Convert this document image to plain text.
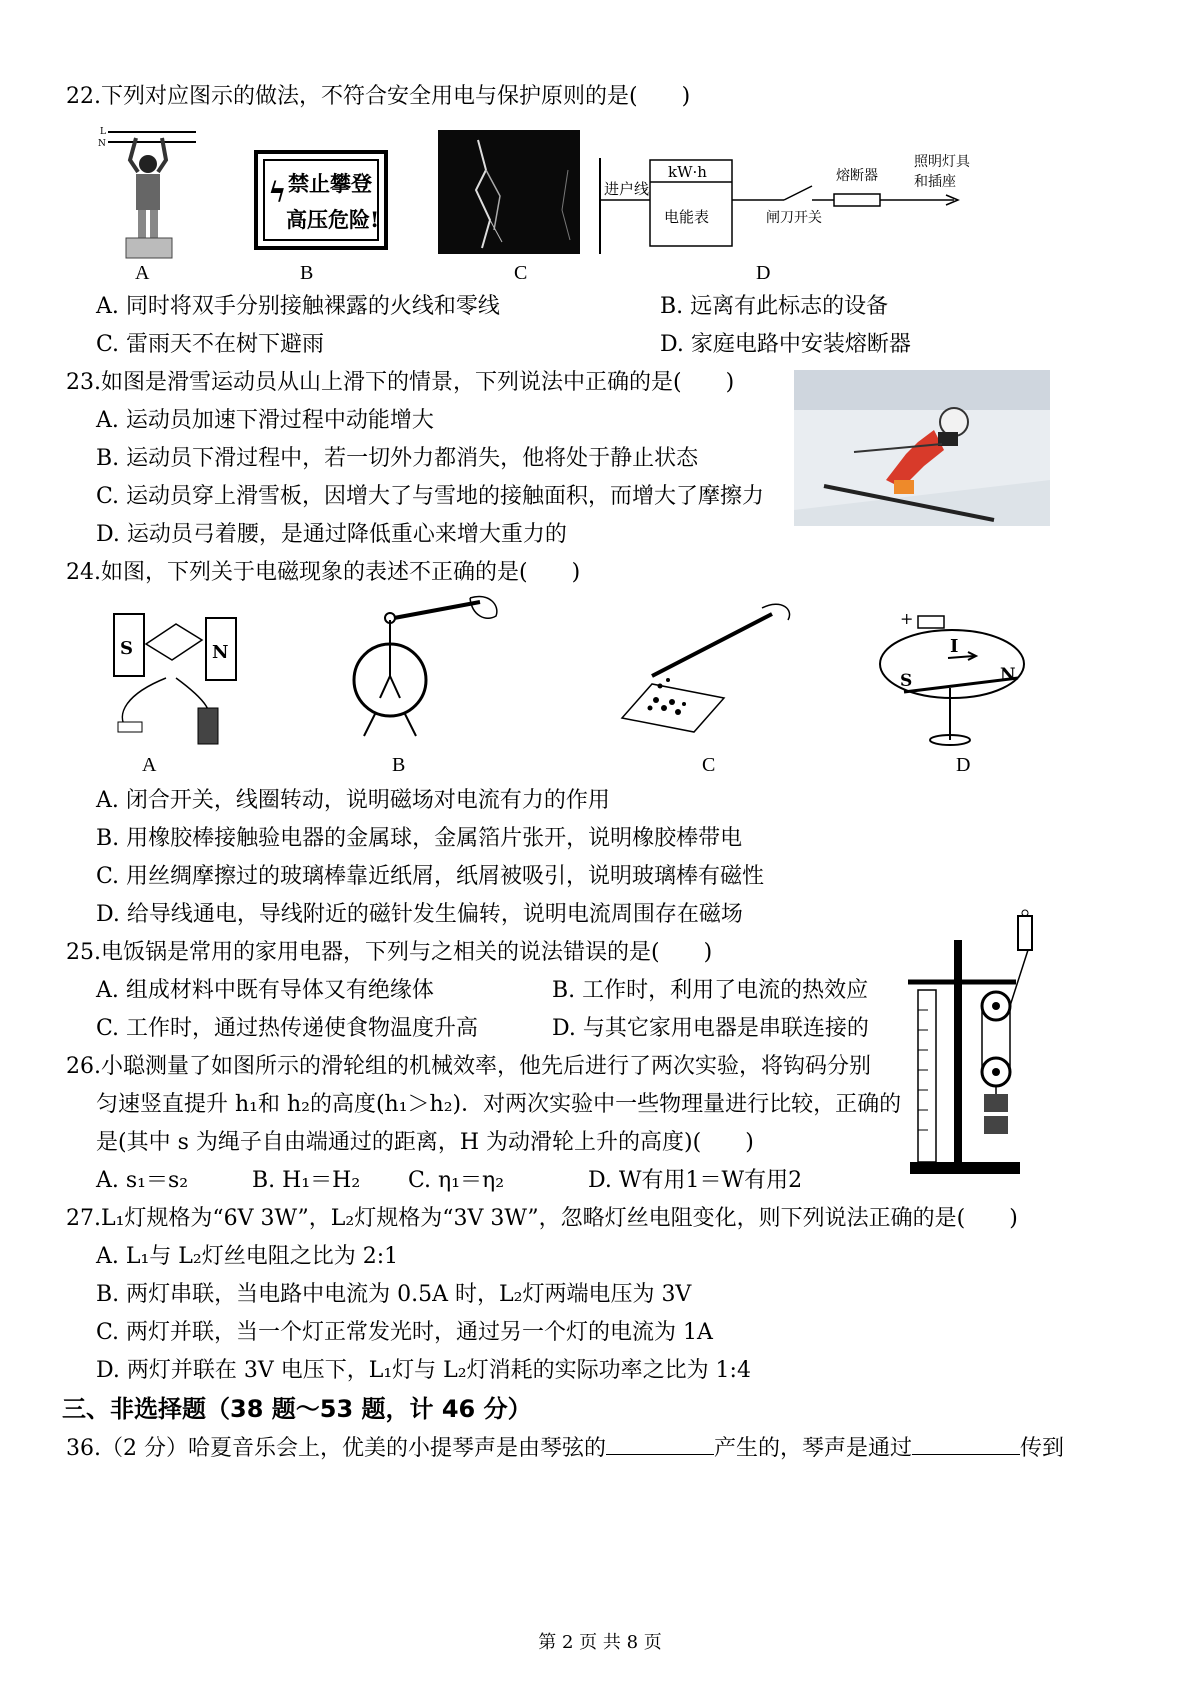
22.下列对应图示的做法，不符合安全用电与保护原则的是(　　)
L
N
A
ϟ 禁止攀登
高压危险!
B	C
kW·h
电能表
进户线
闸刀开关
熔断器
照明灯具
和插座
D
A. 同时将双手分别接触裸露的火线和零线	B. 远离有此标志的设备
C. 雷雨天不在树下避雨	D. 家庭电路中安装熔断器
23.如图是滑雪运动员从山上滑下的情景，下列说法中正确的是(　　)
A. 运动员加速下滑过程中动能增大
B. 运动员下滑过程中，若一切外力都消失，他将处于静止状态
C. 运动员穿上滑雪板，因增大了与雪地的接触面积，而增大了摩擦力
D. 运动员弓着腰，是通过降低重心来增大重力的
24.如图，下列关于电磁现象的表述不正确的是(　　)
S	N
A	B	C
+
I
S	N
D
A. 闭合开关，线圈转动，说明磁场对电流有力的作用
B. 用橡胶棒接触验电器的金属球，金属箔片张开，说明橡胶棒带电
C. 用丝绸摩擦过的玻璃棒靠近纸屑，纸屑被吸引，说明玻璃棒有磁性
D. 给导线通电，导线附近的磁针发生偏转，说明电流周围存在磁场
25.电饭锅是常用的家用电器，下列与之相关的说法错误的是(　　)
A. 组成材料中既有导体又有绝缘体	B. 工作时，利用了电流的热效应
C. 工作时，通过热传递使食物温度升高	D. 与其它家用电器是串联连接的
26.小聪测量了如图所示的滑轮组的机械效率，他先后进行了两次实验，将钩码分别
匀速竖直提升 h₁和 h₂的高度(h₁＞h₂)．对两次实验中一些物理量进行比较，正确的
是(其中 s 为绳子自由端通过的距离，H 为动滑轮上升的高度)(　　)
A. s₁＝s₂	B. H₁＝H₂ C. η₁＝η₂	D. W有用1＝W有用2
27.L₁灯规格为“6V 3W”，L₂灯规格为“3V 3W”，忽略灯丝电阻变化，则下列说法正确的是(　　)
A. L₁与 L₂灯丝电阻之比为 2:1
B. 两灯串联，当电路中电流为 0.5A 时，L₂灯两端电压为 3V
C. 两灯并联，当一个灯正常发光时，通过另一个灯的电流为 1A
D. 两灯并联在 3V 电压下，L₁灯与 L₂灯消耗的实际功率之比为 1:4
三、非选择题（38 题～53 题，计 46 分）
36.（2 分）哈夏音乐会上，优美的小提琴声是由琴弦的	产生的，琴声是通过	传到
第 2 页 共 8 页
